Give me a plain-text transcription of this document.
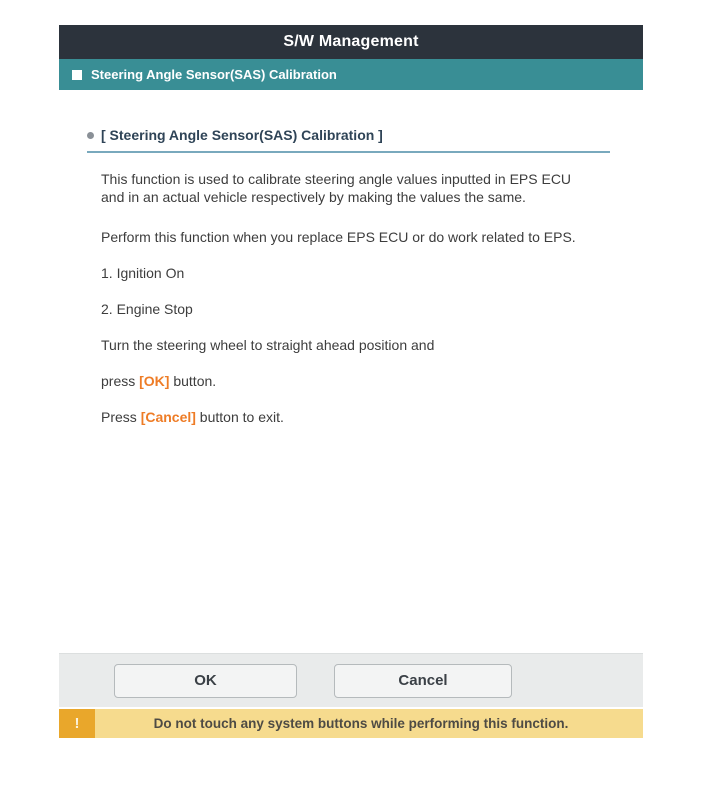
S/W Management
Steering Angle Sensor(SAS) Calibration
[ Steering Angle Sensor(SAS) Calibration ]

This function is used to calibrate steering angle values inputted in EPS ECU

and in an actual vehicle respectively by making the values the same.

Perform this function when you replace EPS ECU or do work related to EPS.

1. Ignition On

2. Engine Stop

Turn the steering wheel to straight ahead position and

press [OK] button.

Press [Cancel] button to exit.

OK	Cancel
!	Do not touch any system buttons while performing this function.
